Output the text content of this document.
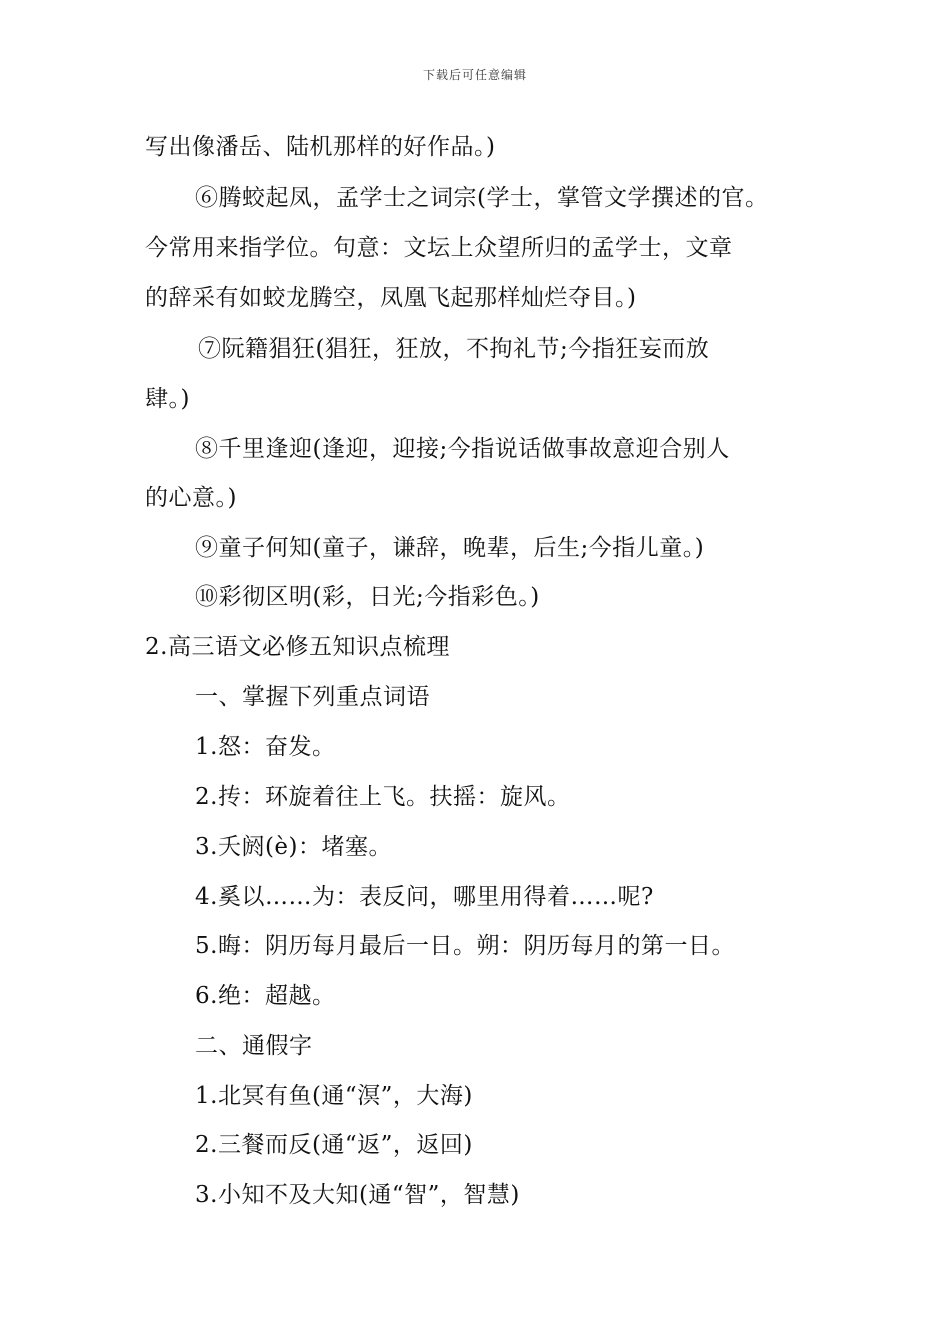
下载后可任意编辑
写出像潘岳、陆机那样的好作品。)
⑥腾蛟起凤，孟学士之词宗(学士，掌管文学撰述的官。
今常用来指学位。句意：文坛上众望所归的孟学士，文章
的辞采有如蛟龙腾空，凤凰飞起那样灿烂夺目。)
⑦阮籍猖狂(猖狂，狂放，不拘礼节;今指狂妄而放
肆。)
⑧千里逢迎(逢迎，迎接;今指说话做事故意迎合别人
的心意。)
⑨童子何知(童子，谦辞，晚辈，后生;今指儿童。)
⑩彩彻区明(彩，日光;今指彩色。)
2.高三语文必修五知识点梳理
一、掌握下列重点词语
1.怒：奋发。
2.抟：环旋着往上飞。扶摇：旋风。
3.夭阏(è)：堵塞。
4.奚以……为：表反问，哪里用得着……呢?
5.晦：阴历每月最后一日。朔：阴历每月的第一日。
6.绝：超越。
二、通假字
1.北冥有鱼(通“溟”，大海)
2.三餐而反(通“返”，返回)
3.小知不及大知(通“智”，智慧)
